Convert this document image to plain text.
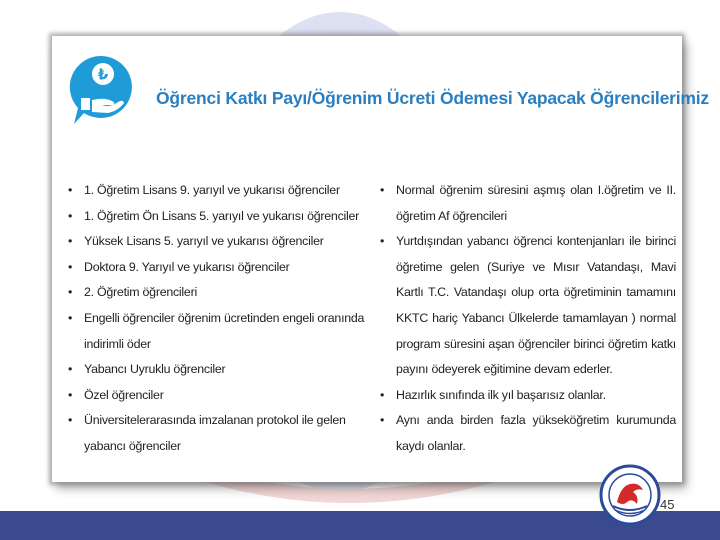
₺
Öğrenci Katkı Payı/Öğrenim Ücreti Ödemesi Yapacak Öğrencilerimiz
• 1. Öğretim Lisans 9. yarıyıl ve yukarısı öğrenciler
• 1. Öğretim Ön Lisans 5. yarıyıl ve yukarısı öğrenciler
• Yüksek Lisans 5. yarıyıl ve yukarısı öğrenciler
• Doktora 9. Yarıyıl ve yukarısı öğrenciler
• 2. Öğretim öğrencileri
• Engelli öğrenciler öğrenim ücretinden engeli oranında indirimli öder
• Yabancı Uyruklu öğrenciler
• Özel öğrenciler
• Üniversitelerarasında imzalanan protokol ile gelen yabancı öğrenciler
• Normal öğrenim süresini aşmış olan I.öğretim ve II. öğretim Af öğrencileri
• Yurtdışından yabancı öğrenci kontenjanları ile birinci öğretime gelen (Suriye ve Mısır Vatandaşı, Mavi Kartlı T.C. Vatandaşı olup orta öğretiminin tamamını KKTC hariç Yabancı Ülkelerde tamamlayan ) normal program süresini aşan öğrenciler birinci öğretim katkı payını ödeyerek eğitimine devam ederler.
• Hazırlık sınıfında ilk yıl başarısız olanlar.
• Aynı anda birden fazla yükseköğretim kurumunda kaydı olanlar.
45
